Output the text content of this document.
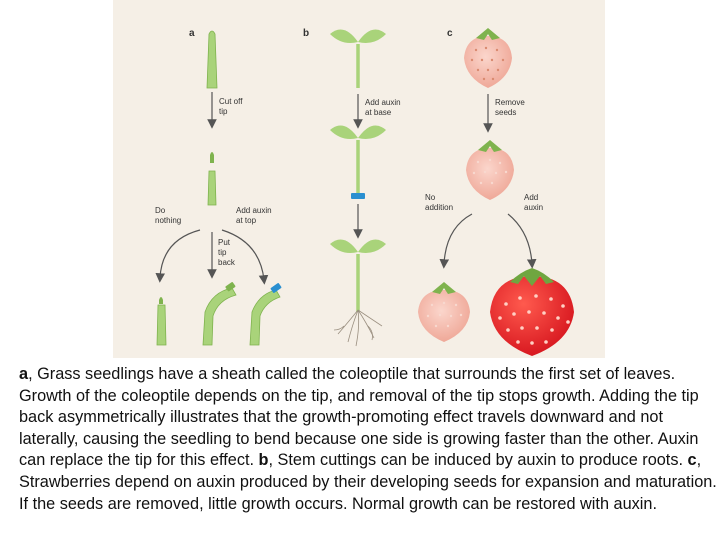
a	b	c
Cut off
tip
Do
nothing
Add auxin
at top
Put
tip
back
Add auxin
at base
Remove
seeds
No
addition
Add
auxin
a, Grass seedlings have a sheath called the coleoptile that surrounds the first set of leaves. Growth of the coleoptile depends on the tip, and removal of the tip stops growth. Adding the tip back asymmetrically illustrates that the growth-promoting effect travels downward and not laterally, causing the seedling to bend because one side is growing faster than the other. Auxin can replace the tip for this effect. b, Stem cuttings can be induced by auxin to produce roots. c, Strawberries depend on auxin produced by their developing seeds for expansion and maturation. If the seeds are removed, little growth occurs. Normal growth can be restored with auxin.
